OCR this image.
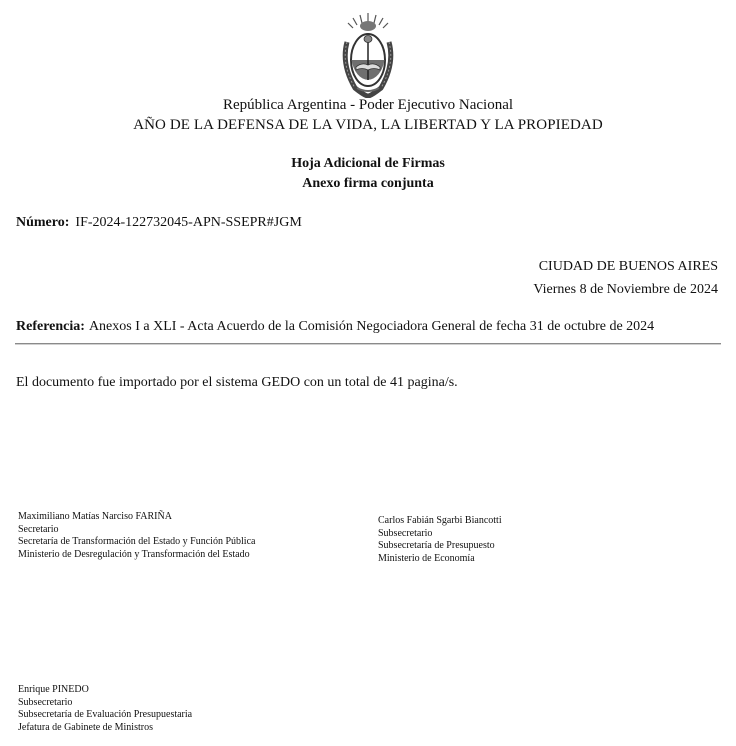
República Argentina - Poder Ejecutivo Nacional
AÑO DE LA DEFENSA DE LA VIDA, LA LIBERTAD Y LA PROPIEDAD
Hoja Adicional de Firmas
Anexo firma conjunta
Número: IF-2024-122732045-APN-SSEPR#JGM
CIUDAD DE BUENOS AIRES
Viernes 8 de Noviembre de 2024
Referencia: Anexos I a XLI - Acta Acuerdo de la Comisión Negociadora General de fecha 31 de octubre de 2024
El documento fue importado por el sistema GEDO con un total de 41 pagina/s.
Maximiliano Matías Narciso FARIÑA
Secretario
Secretaría de Transformación del Estado y Función Pública
Ministerio de Desregulación y Transformación del Estado
Carlos Fabián Sgarbi Biancotti
Subsecretario
Subsecretaría de Presupuesto
Ministerio de Economía
Enrique PINEDO
Subsecretario
Subsecretaría de Evaluación Presupuestaria
Jefatura de Gabinete de Ministros
